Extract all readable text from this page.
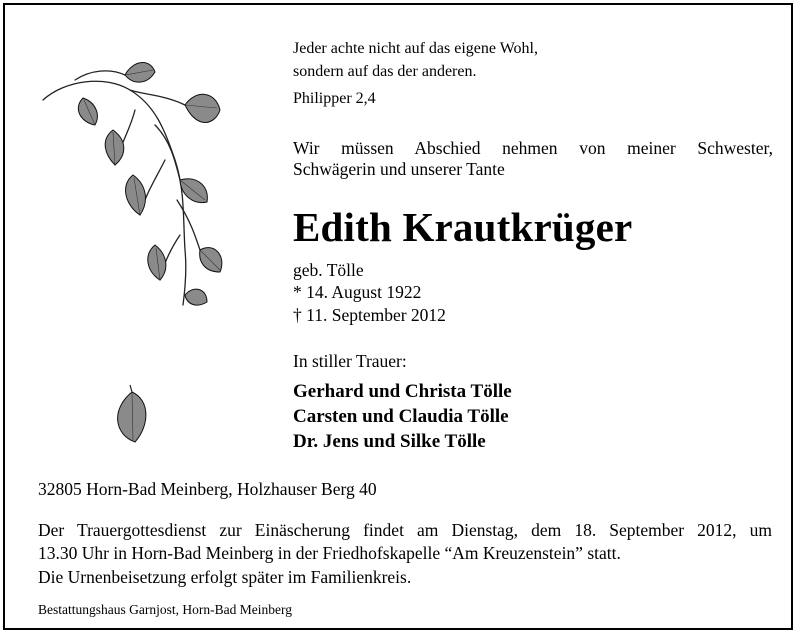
Jeder achte nicht auf das eigene Wohl,
sondern auf das der anderen.
Philipper 2,4
Wir müssen Abschied nehmen von meiner Schwester,
Schwägerin und unserer Tante
Edith Krautkrüger
geb. Tölle
* 14. August 1922
† 11. September 2012
In stiller Trauer:
Gerhard und Christa Tölle
Carsten und Claudia Tölle
Dr. Jens und Silke Tölle
32805 Horn-Bad Meinberg, Holzhauser Berg 40
Der Trauergottesdienst zur Einäscherung findet am Dienstag, dem 18. September 2012, um
13.30 Uhr in Horn-Bad Meinberg in der Friedhofskapelle “Am Kreuzenstein” statt.
Die Urnenbeisetzung erfolgt später im Familienkreis.
Bestattungshaus Garnjost, Horn-Bad Meinberg
